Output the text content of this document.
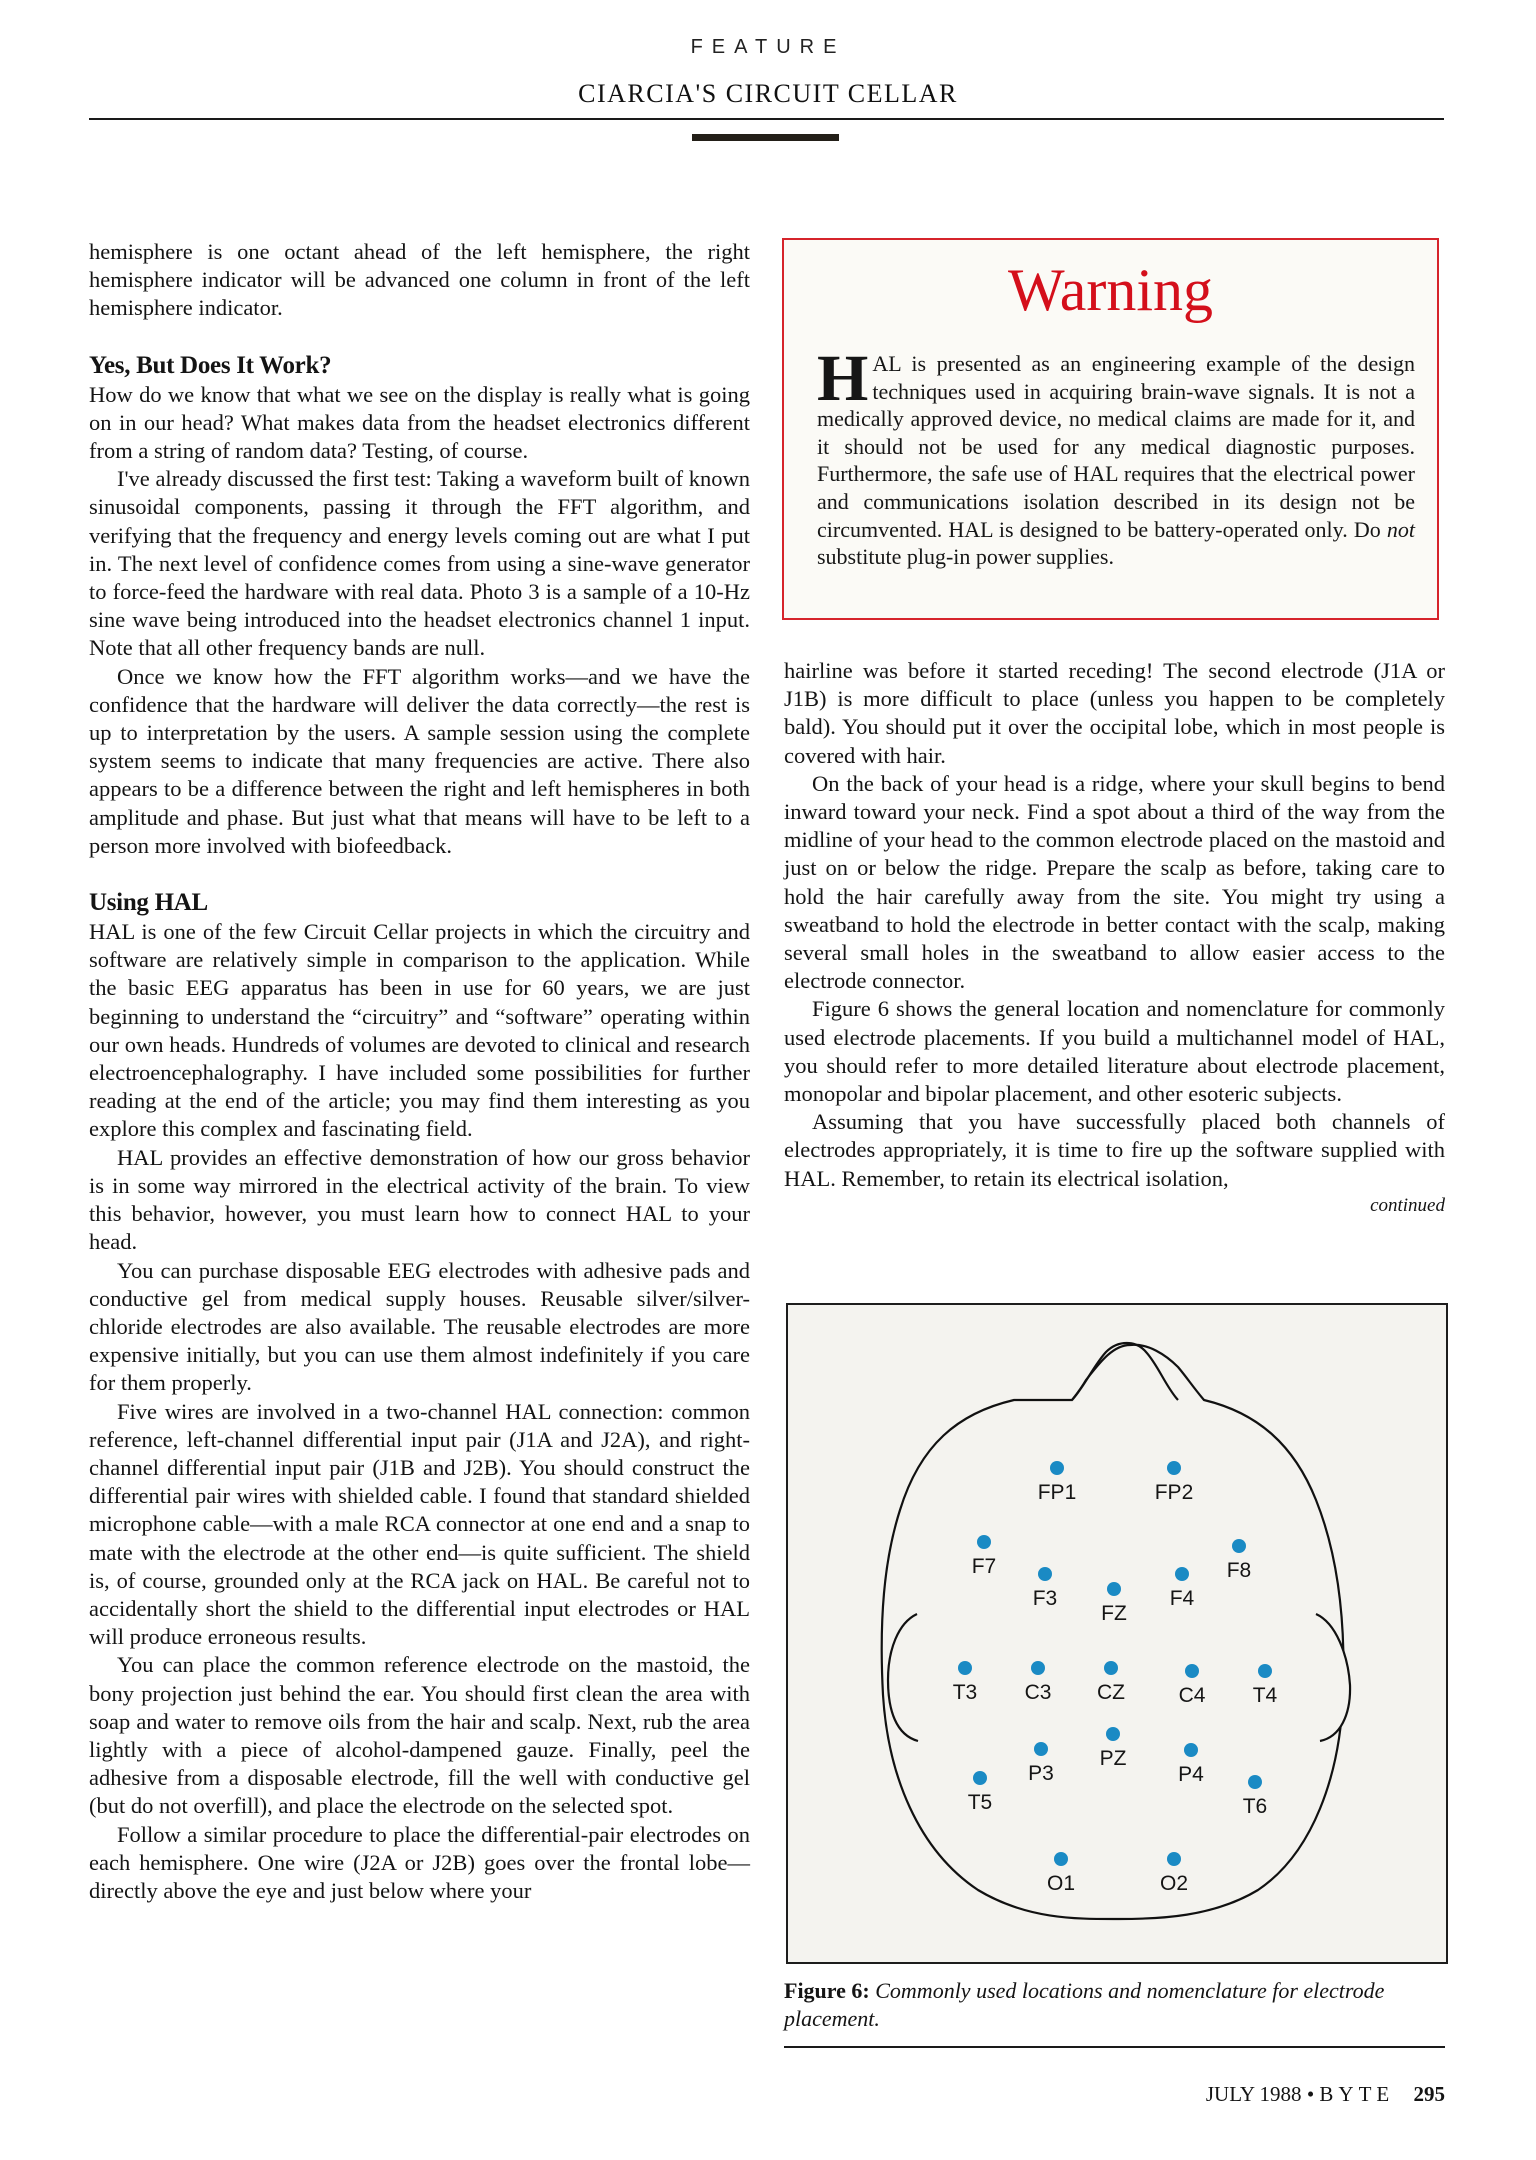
FEATURE
CIARCIA'S CIRCUIT CELLAR

hemisphere is one octant ahead of the left hemisphere, the right hemisphere indicator will be advanced one column in front of the left hemisphere indicator.

Yes, But Does It Work?

How do we know that what we see on the display is really what is going on in our head? What makes data from the headset electronics different from a string of random data? Testing, of course.

I've already discussed the first test: Taking a waveform built of known sinusoidal components, passing it through the FFT algorithm, and verifying that the frequency and energy levels coming out are what I put in. The next level of confidence comes from using a sine-wave generator to force-feed the hardware with real data. Photo 3 is a sample of a 10-Hz sine wave being introduced into the headset electronics channel 1 input. Note that all other frequency bands are null.

Once we know how the FFT algorithm works—and we have the confidence that the hardware will deliver the data correctly—the rest is up to interpretation by the users. A sample session using the complete system seems to indicate that many frequencies are active. There also appears to be a difference between the right and left hemispheres in both amplitude and phase. But just what that means will have to be left to a person more involved with biofeedback.

Using HAL

HAL is one of the few Circuit Cellar projects in which the circuitry and software are relatively simple in comparison to the application. While the basic EEG apparatus has been in use for 60 years, we are just beginning to understand the “circuitry” and “software” operating within our own heads. Hundreds of volumes are devoted to clinical and research electroencephalography. I have included some possibilities for further reading at the end of the article; you may find them interesting as you explore this complex and fascinating field.

HAL provides an effective demonstration of how our gross behavior is in some way mirrored in the electrical activity of the brain. To view this behavior, however, you must learn how to connect HAL to your head.

You can purchase disposable EEG electrodes with adhesive pads and conductive gel from medical supply houses. Reusable silver/silver-chloride electrodes are also available. The reusable electrodes are more expensive initially, but you can use them almost indefinitely if you care for them properly.

Five wires are involved in a two-channel HAL connection: common reference, left-channel differential input pair (J1A and J2A), and right-channel differential input pair (J1B and J2B). You should construct the differential pair wires with shielded cable. I found that standard shielded microphone cable—with a male RCA connector at one end and a snap to mate with the electrode at the other end—is quite sufficient. The shield is, of course, grounded only at the RCA jack on HAL. Be careful not to accidentally short the shield to the differential input electrodes or HAL will produce erroneous results.

You can place the common reference electrode on the mastoid, the bony projection just behind the ear. You should first clean the area with soap and water to remove oils from the hair and scalp. Next, rub the area lightly with a piece of alcohol-dampened gauze. Finally, peel the adhesive from a disposable electrode, fill the well with conductive gel (but do not overfill), and place the electrode on the selected spot.

Follow a similar procedure to place the differential-pair electrodes on each hemisphere. One wire (J2A or J2B) goes over the frontal lobe—directly above the eye and just below where your

Warning
HAL is presented as an engineering example of the design techniques used in acquiring brain-wave signals. It is not a medically approved device, no medical claims are made for it, and it should not be used for any medical diagnostic purposes. Furthermore, the safe use of HAL requires that the electrical power and communications isolation described in its design not be circumvented. HAL is designed to be battery-operated only. Do not substitute plug-in power supplies.

hairline was before it started receding! The second electrode (J1A or J1B) is more difficult to place (unless you happen to be completely bald). You should put it over the occipital lobe, which in most people is covered with hair.

On the back of your head is a ridge, where your skull begins to bend inward toward your neck. Find a spot about a third of the way from the midline of your head to the common electrode placed on the mastoid and just on or below the ridge. Prepare the scalp as before, taking care to hold the hair carefully away from the site. You might try using a sweatband to hold the electrode in better contact with the scalp, making several small holes in the sweatband to allow easier access to the electrode connector.

Figure 6 shows the general location and nomenclature for commonly used electrode placements. If you build a multichannel model of HAL, you should refer to more detailed literature about electrode placement, monopolar and bipolar placement, and other esoteric subjects.

Assuming that you have successfully placed both channels of electrodes appropriately, it is time to fire up the software supplied with HAL. Remember, to retain its electrical isolation,

continued
FP1	FP2
F7	F8
F3	F4
FZ
T3 C3 CZ	C4 T4
PZ
P3	P4
T5	T6
O1	O2
Figure 6: Commonly used locations and nomenclature for electrode placement.
JULY 1988 • BYTE 295
